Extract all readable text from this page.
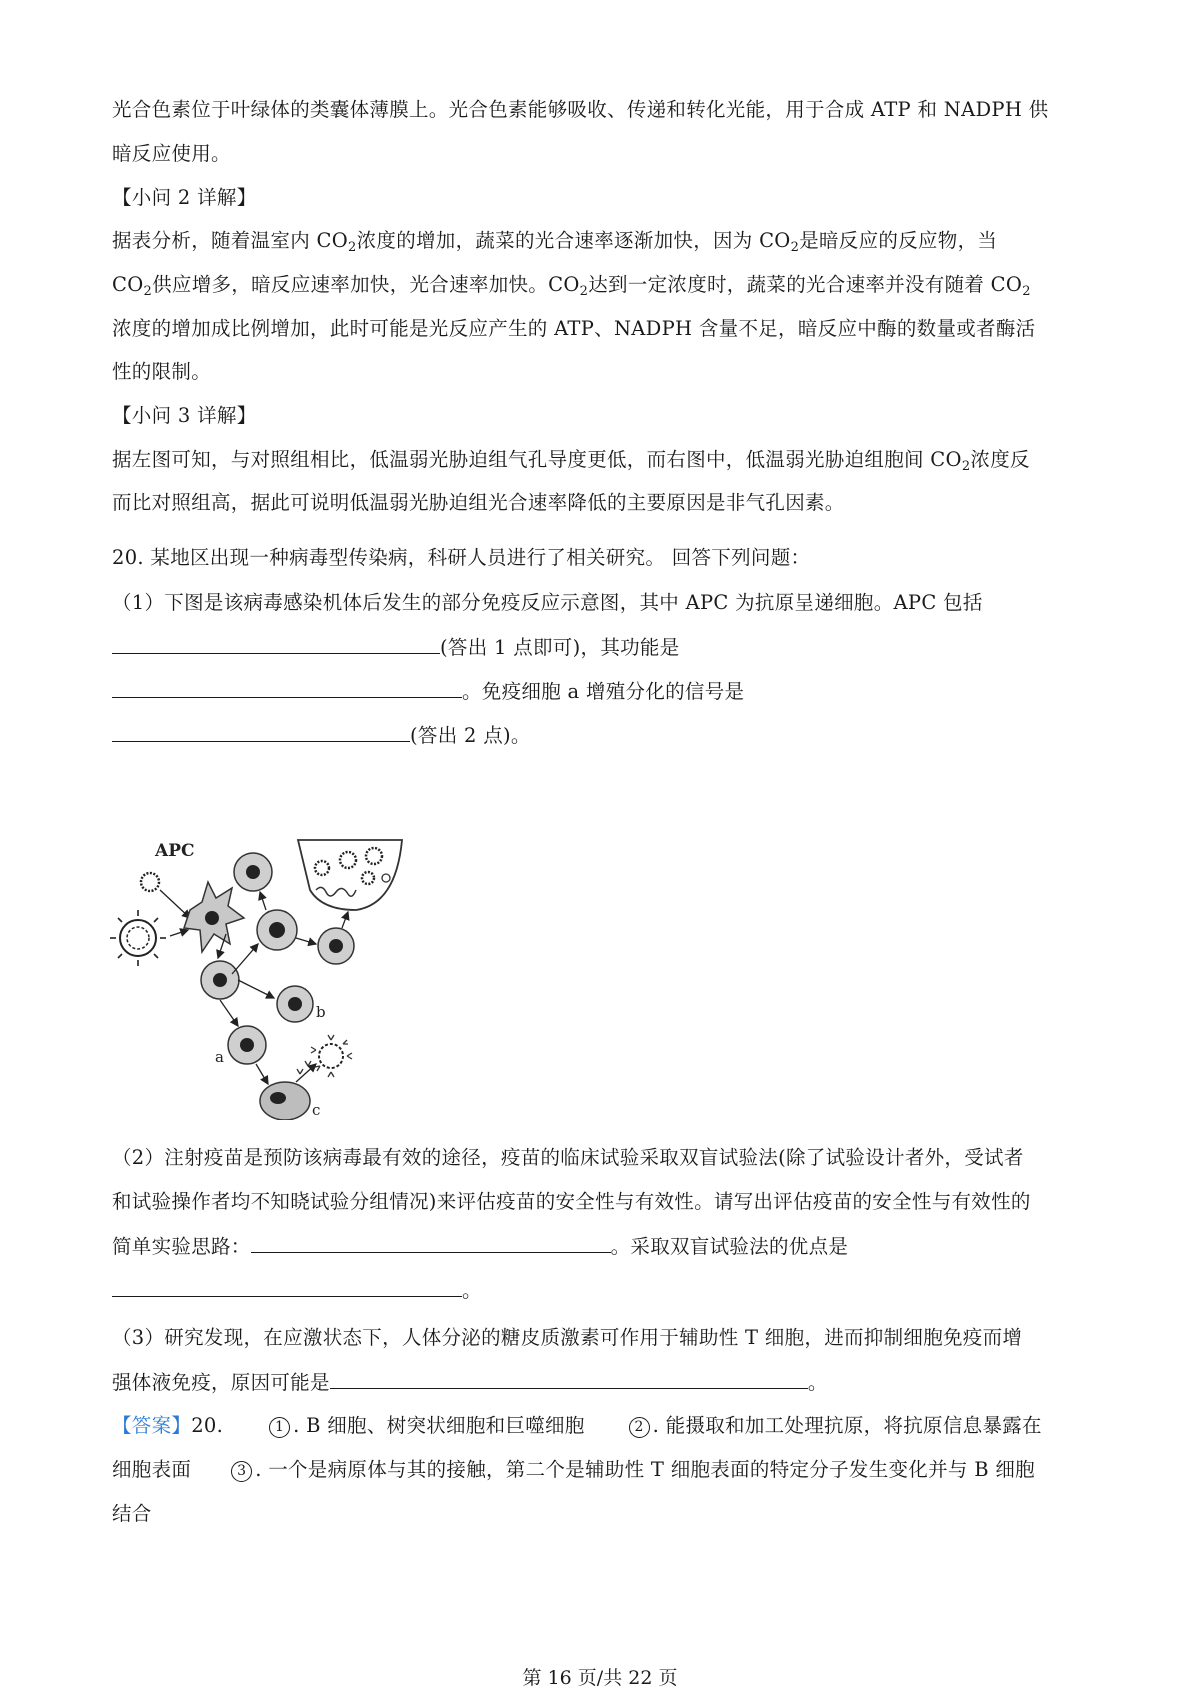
光合色素位于叶绿体的类囊体薄膜上。光合色素能够吸收、传递和转化光能，用于合成 ATP 和 NADPH 供
暗反应使用。
【小问 2 详解】
据表分析，随着温室内 $CO_2$浓度的增加，蔬菜的光合速率逐渐加快，因为 $CO_2$是暗反应的反应物，当
$CO_2$供应增多，暗反应速率加快，光合速率加快。$CO_2$达到一定浓度时，蔬菜的光合速率并没有随着 $CO_2$
浓度的增加成比例增加，此时可能是光反应产生的 ATP、NADPH 含量不足，暗反应中酶的数量或者酶活
性的限制。
【小问 3 详解】
据左图可知，与对照组相比，低温弱光胁迫组气孔导度更低，而右图中，低温弱光胁迫组胞间 $CO_2$浓度反
而比对照组高，据此可说明低温弱光胁迫组光合速率降低的主要原因是非气孔因素。
20. 某地区出现一种病毒型传染病，科研人员进行了相关研究。 回答下列问题：
（1）下图是该病毒感染机体后发生的部分免疫反应示意图，其中 APC 为抗原呈递细胞。APC 包括
(答出 1 点即可)，其功能是
。免疫细胞 a 增殖分化的信号是
(答出 2 点)。
APC
b
a
c
（2）注射疫苗是预防该病毒最有效的途径，疫苗的临床试验采取双盲试验法(除了试验设计者外，受试者
和试验操作者均不知晓试验分组情况)来评估疫苗的安全性与有效性。请写出评估疫苗的安全性与有效性的
简单实验思路：	。采取双盲试验法的优点是
。
（3）研究发现，在应激状态下，人体分泌的糖皮质激素可作用于辅助性 T 细胞，进而抑制细胞免疫而增
强体液免疫，原因可能是	。
【答案】20.	1 . B 细胞、树突状细胞和巨噬细胞	2 . 能摄取和加工处理抗原，将抗原信息暴露在
细胞表面	3 . 一个是病原体与其的接触，第二个是辅助性 T 细胞表面的特定分子发生变化并与 B 细胞
结合
第 16 页/共 22 页
